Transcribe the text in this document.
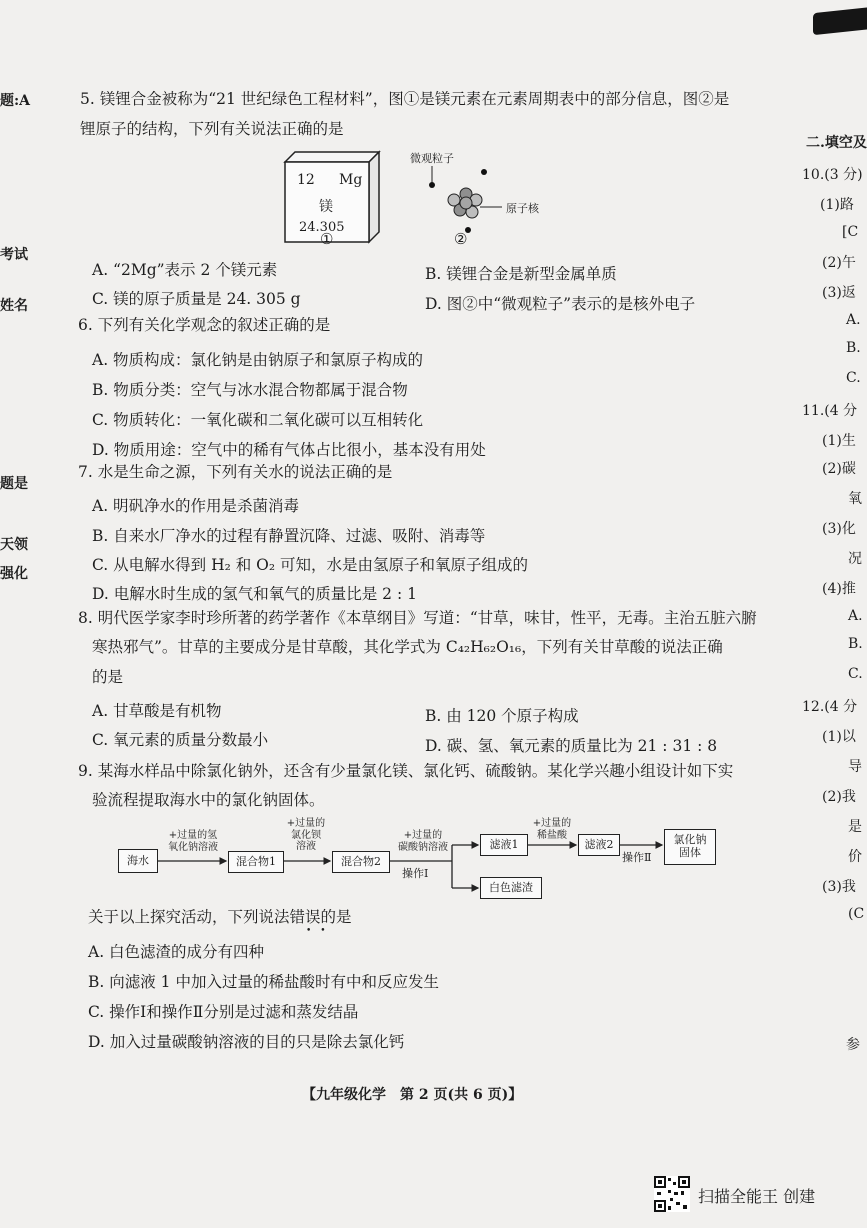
题:A
考试
姓名
题是
天领
强化
二.填空及
10.(3 分)
(1)路
[C
(2)午
(3)返
A.
B.
C.
11.(4 分
(1)生
(2)碳
氧
(3)化
况
(4)推
A.
B.
C.
12.(4 分
(1)以
导
(2)我
是
价
(3)我
(C
参
5. 镁锂合金被称为“21 世纪绿色工程材料”，图①是镁元素在元素周期表中的部分信息，图②是
锂原子的结构，下列有关说法正确的是
12 Mg
镁
24.305
①
微观粒子
原子核
②
A. “2Mg”表示 2 个镁元素	B. 镁锂合金是新型金属单质
C. 镁的原子质量是 24. 305 g	D. 图②中“微观粒子”表示的是核外电子
6. 下列有关化学观念的叙述正确的是
A. 物质构成：氯化钠是由钠原子和氯原子构成的
B. 物质分类：空气与冰水混合物都属于混合物
C. 物质转化：一氧化碳和二氧化碳可以互相转化
D. 物质用途：空气中的稀有气体占比很小，基本没有用处
7. 水是生命之源，下列有关水的说法正确的是
A. 明矾净水的作用是杀菌消毒
B. 自来水厂净水的过程有静置沉降、过滤、吸附、消毒等
C. 从电解水得到 H₂ 和 O₂ 可知，水是由氢原子和氧原子组成的
D. 电解水时生成的氢气和氧气的质量比是 2 : 1
8. 明代医学家李时珍所著的药学著作《本草纲目》写道：“甘草，味甘，性平，无毒。主治五脏六腑
寒热邪气”。甘草的主要成分是甘草酸，其化学式为 C₄₂H₆₂O₁₆，下列有关甘草酸的说法正确
的是
A. 甘草酸是有机物	B. 由 120 个原子构成
C. 氧元素的质量分数最小	D. 碳、氢、氧元素的质量比为 21 : 31 : 8
9. 某海水样品中除氯化钠外，还含有少量氯化镁、氯化钙、硫酸钠。某化学兴趣小组设计如下实
验流程提取海水中的氯化钠固体。
海水	混合物1	混合物2
滤液1	滤液2	氯化钠
固体
白色滤渣
+过量的氢
氧化钠溶液
+过量的
氯化钡
溶液
+过量的
碳酸钠溶液
+过量的
稀盐酸
操作Ⅰ
操作Ⅱ
关于以上探究活动，下列说法错误的是
••
A. 白色滤渣的成分有四种
B. 向滤液 1 中加入过量的稀盐酸时有中和反应发生
C. 操作Ⅰ和操作Ⅱ分别是过滤和蒸发结晶
D. 加入过量碳酸钠溶液的目的只是除去氯化钙
【九年级化学　第 2 页(共 6 页)】
扫描全能王 创建
